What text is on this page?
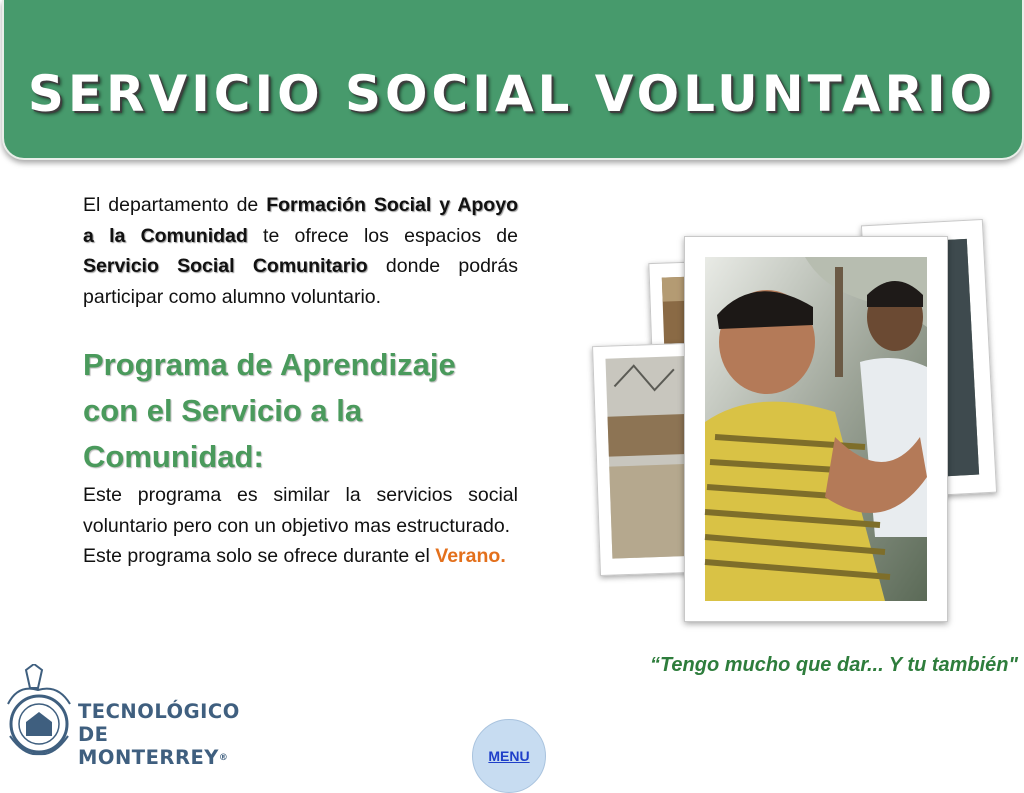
SERVICIO SOCIAL VOLUNTARIO

El departamento de Formación Social y Apoyo a la Comunidad te ofrece los espacios de Servicio Social Comunitario donde podrás participar como alumno voluntario.

Programa de Aprendizaje con el Servicio a la Comunidad:

Este programa es similar la servicios social voluntario pero con un objetivo mas estructurado.

Este programa solo se ofrece durante el Verano.

“Tengo mucho que dar... Y tu también"

TECNOLÓGICO
DE MONTERREY®	MENU
